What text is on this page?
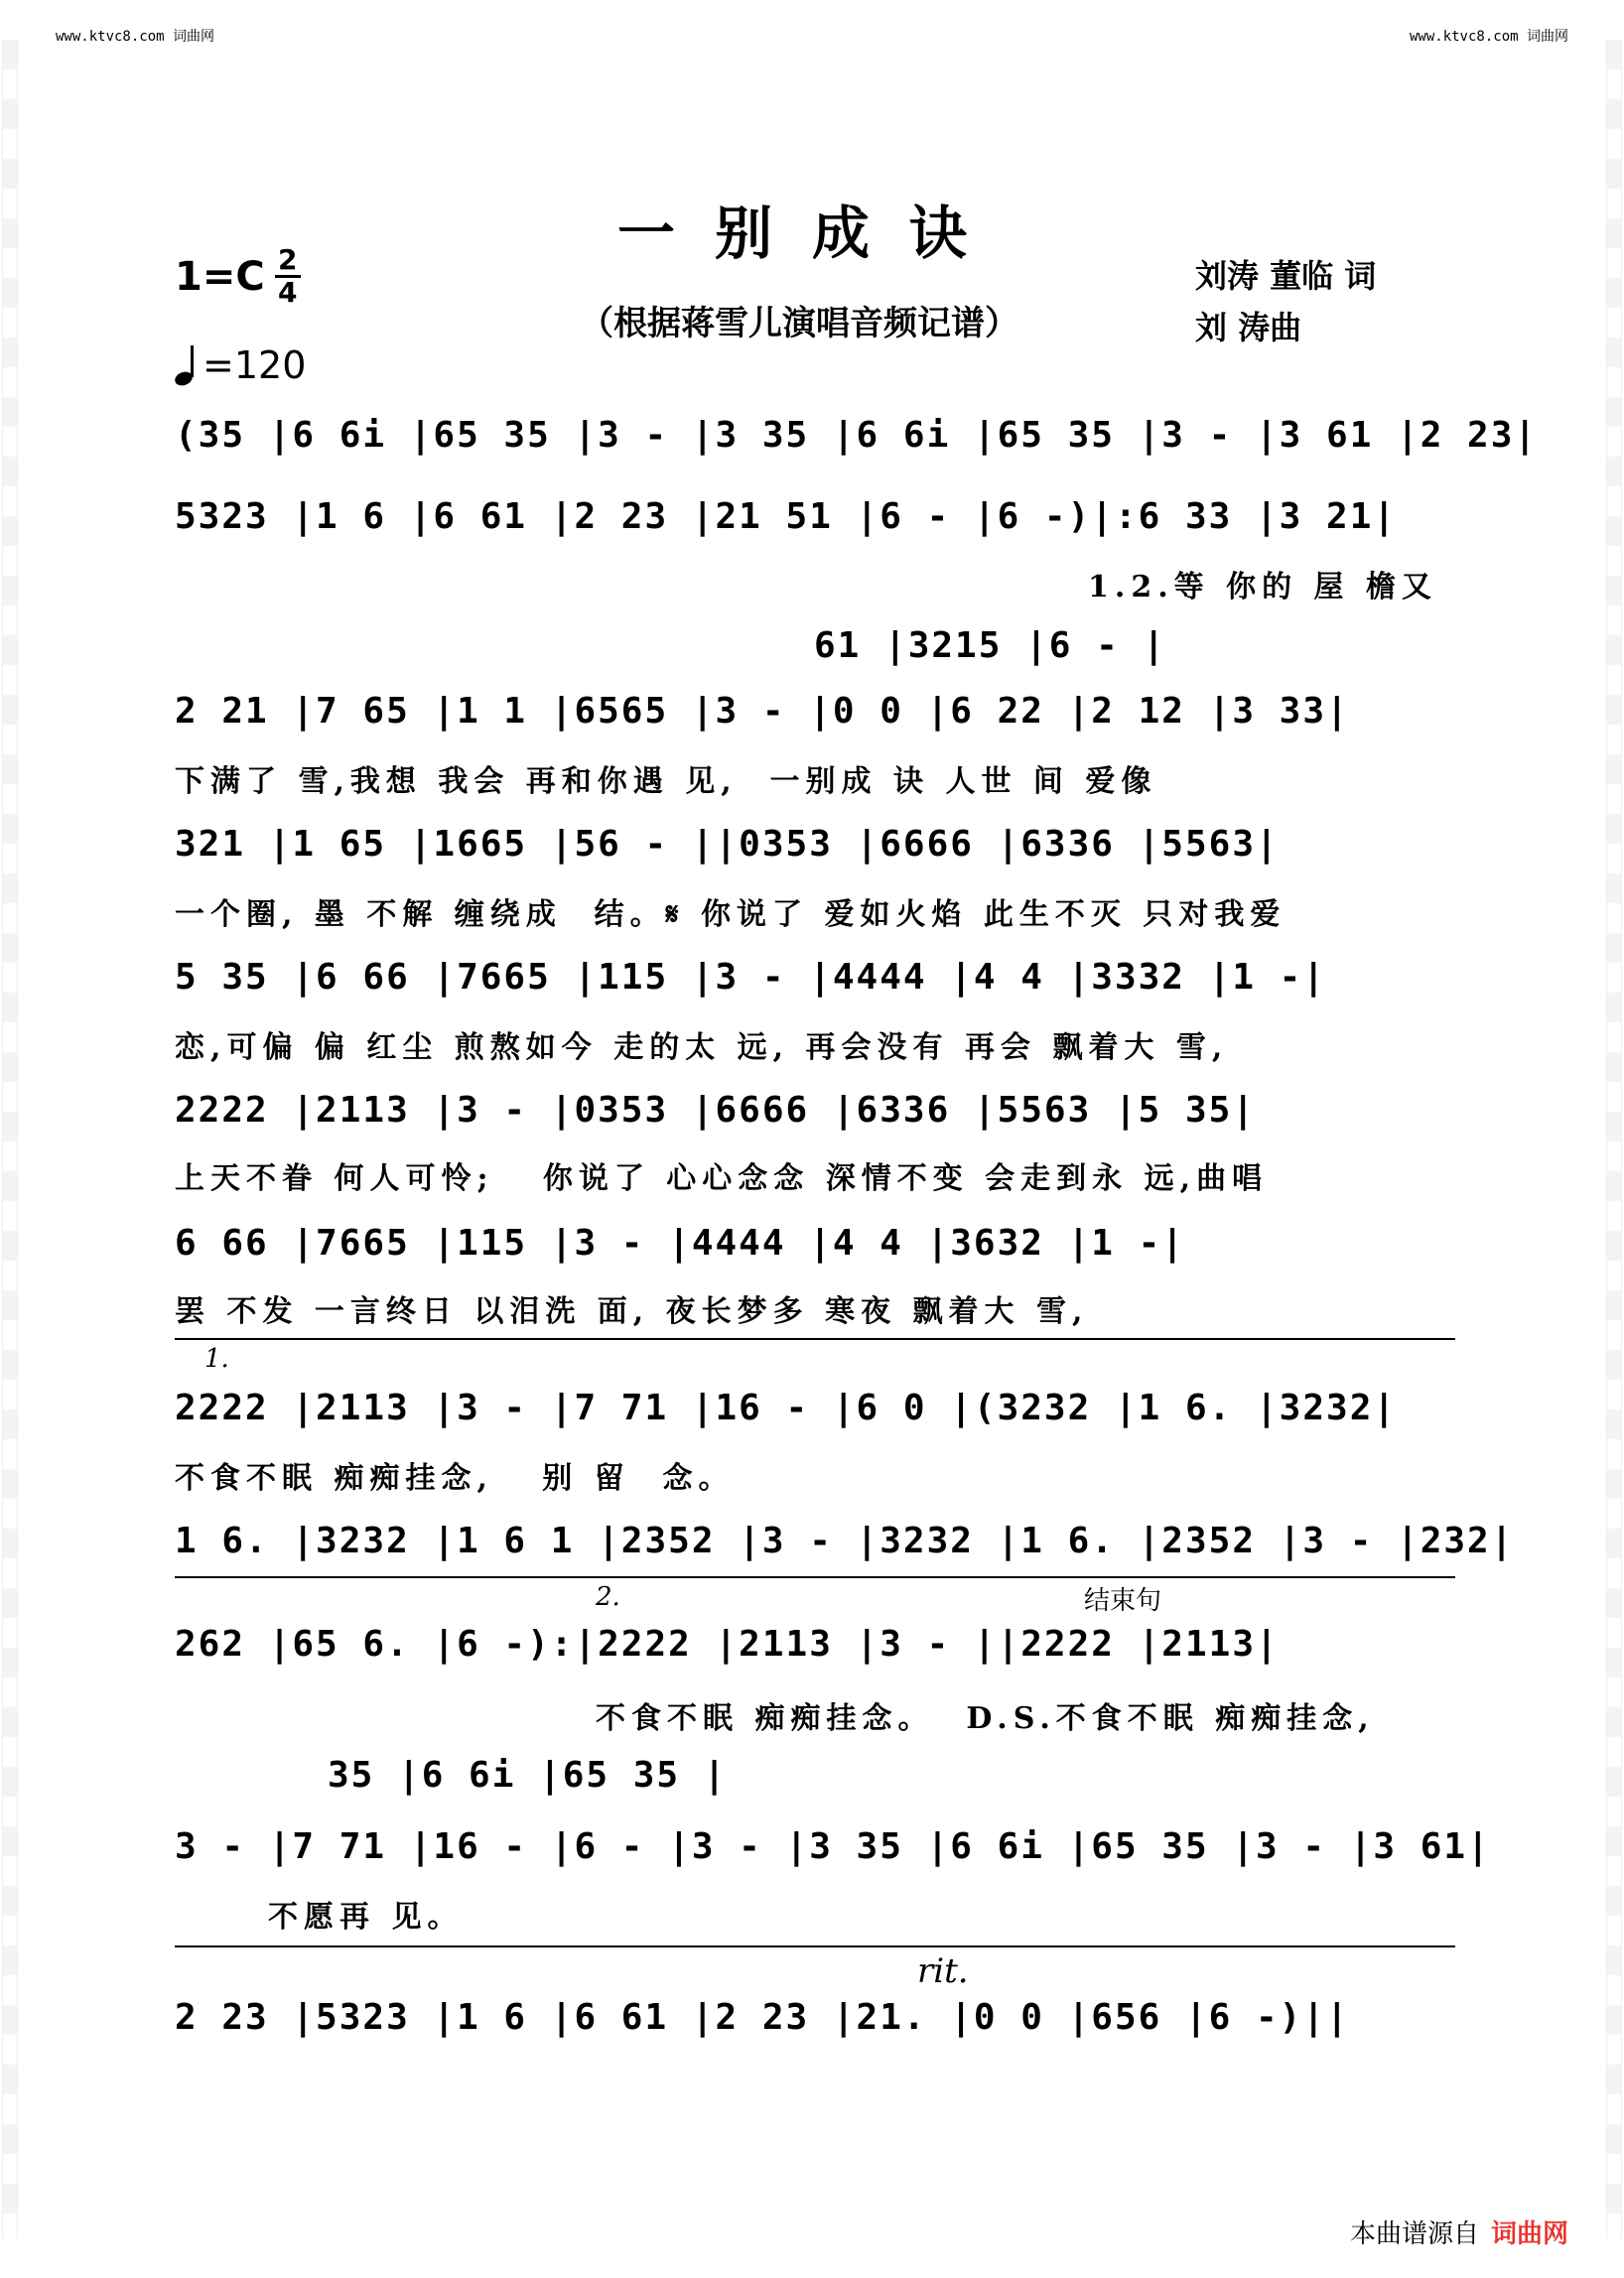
www.ktvc8.com 词曲网	www.ktvc8.com 词曲网
一别成诀
1=C 2
4
（根据蒋雪儿演唱音频记谱）
刘涛 董临 词
刘 涛曲
=120
(35 |6 6i |65 35 |3 - |3 35 |6 6i |65 35 |3 - |3 61 |2 23|
5323 |1 6 |6 61 |2 23 |21 51 |6 - |6 -)|:6 33 |3 21|
1.2.等 你的 屋 檐又
61 |3215 |6 - |
2 21 |7 65 |1 1 |6565 |3 - |0 0 |6 22 |2 12 |3 33|
下满了 雪,我想 我会 再和你遇 见,  一别成 诀 人世 间 爱像
321 |1 65 |1665 |56 - ||0353 |6666 |6336 |5563|
一个圈, 墨 不解 缠绕成  结。𝄋 你说了 爱如火焰 此生不灭 只对我爱
5 35 |6 66 |7665 |115 |3 - |4444 |4 4 |3332 |1 -|
恋,可偏 偏 红尘 煎熬如今 走的太 远, 再会没有 再会 飘着大 雪,
2222 |2113 |3 - |0353 |6666 |6336 |5563 |5 35|
上天不眷 何人可怜;   你说了 心心念念 深情不变 会走到永 远,曲唱
6 66 |7665 |115 |3 - |4444 |4 4 |3632 |1 -|
罢 不发 一言终日 以泪洗 面, 夜长梦多 寒夜 飘着大 雪,
1.
2222 |2113 |3 - |7 71 |16 - |6 0 |(3232 |1 6. |3232|
不食不眠 痴痴挂念,   别 留  念。
1 6. |3232 |1 6 1 |2352 |3 - |3232 |1 6. |2352 |3 - |232|
2.	结束句
262 |65 6. |6 -):|2222 |2113 |3 - ||2222 |2113|
不食不眠 痴痴挂念。  D.S.不食不眠 痴痴挂念,
35 |6 6i |65 35 |
3 - |7 71 |16 - |6 - |3 - |3 35 |6 6i |65 35 |3 - |3 61|
不愿再 见。
rit.
2 23 |5323 |1 6 |6 61 |2 23 |21. |0 0 |656 |6 -)||
本曲谱源自 词曲网
